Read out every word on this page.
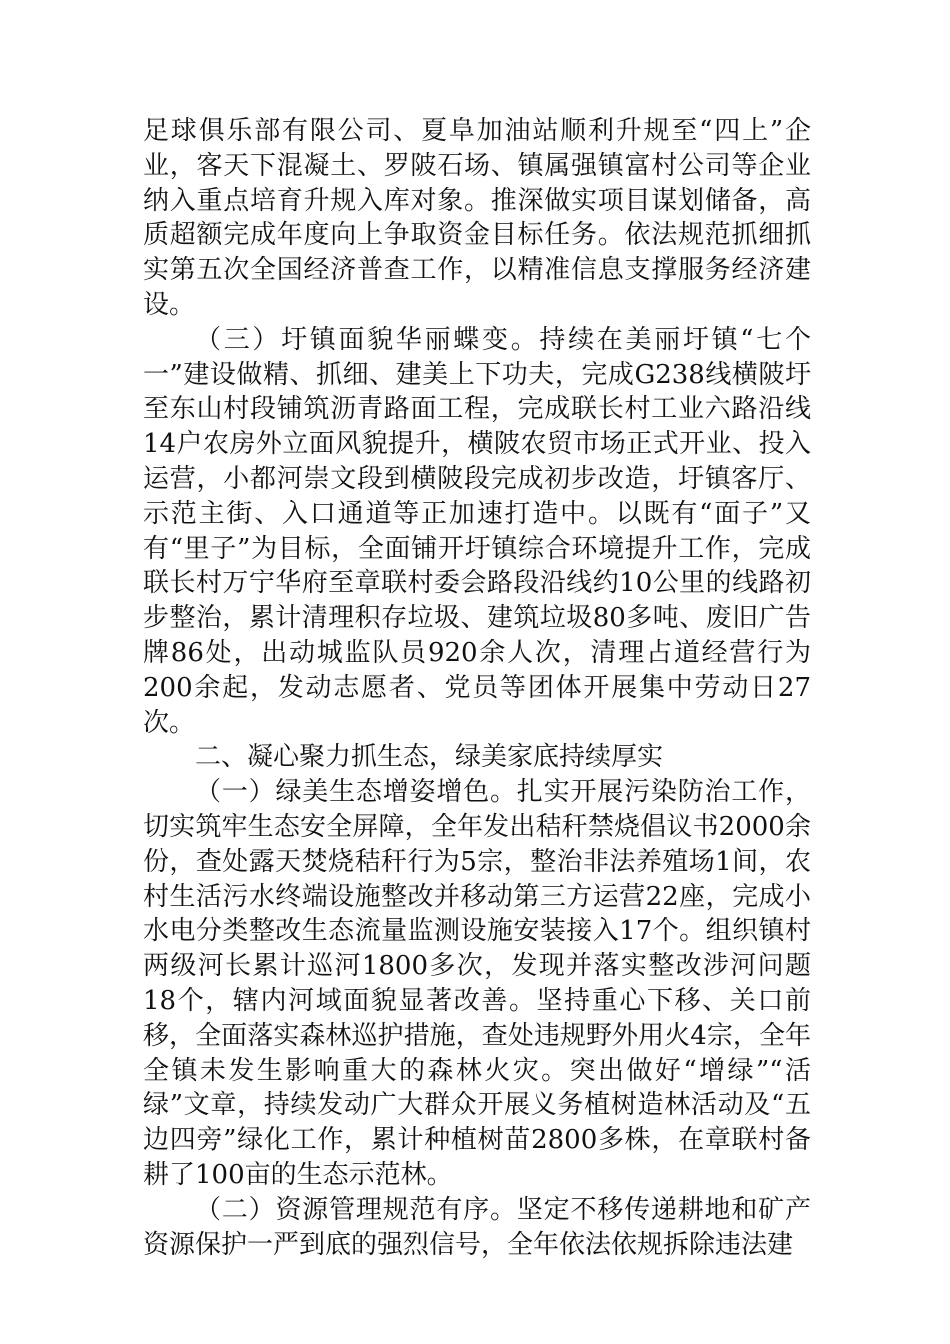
足球俱乐部有限公司、夏阜加油站顺利升规至“四上”企业，客天下混凝土、罗陂石场、镇属强镇富村公司等企业纳入重点培育升规入库对象。推深做实项目谋划储备，高质超额完成年度向上争取资金目标任务。依法规范抓细抓实第五次全国经济普查工作，以精准信息支撑服务经济建设。

（三）圩镇面貌华丽蝶变。持续在美丽圩镇“七个一”建设做精、抓细、建美上下功夫，完成G238线横陂圩至东山村段铺筑沥青路面工程，完成联长村工业六路沿线14户农房外立面风貌提升，横陂农贸市场正式开业、投入运营，小都河崇文段到横陂段完成初步改造，圩镇客厅、示范主街、入口通道等正加速打造中。以既有“面子”又有“里子”为目标，全面铺开圩镇综合环境提升工作，完成联长村万宁华府至章联村委会路段沿线约10公里的线路初步整治，累计清理积存垃圾、建筑垃圾80多吨、废旧广告牌86处，出动城监队员920余人次，清理占道经营行为200余起，发动志愿者、党员等团体开展集中劳动日27次。

二、凝心聚力抓生态，绿美家底持续厚实

（一）绿美生态增姿增色。扎实开展污染防治工作，切实筑牢生态安全屏障，全年发出秸秆禁烧倡议书2000余份，查处露天焚烧秸秆行为5宗，整治非法养殖场1间，农村生活污水终端设施整改并移动第三方运营22座，完成小水电分类整改生态流量监测设施安装接入17个。组织镇村两级河长累计巡河1800多次，发现并落实整改涉河问题18个，辖内河域面貌显著改善。坚持重心下移、关口前移，全面落实森林巡护措施，查处违规野外用火4宗，全年全镇未发生影响重大的森林火灾。突出做好“增绿”“活绿”文章，持续发动广大群众开展义务植树造林活动及“五边四旁”绿化工作，累计种植树苗2800多株，在章联村备耕了100亩的生态示范林。

（二）资源管理规范有序。坚定不移传递耕地和矿产资源保护一严到底的强烈信号，全年依法依规拆除违法建
